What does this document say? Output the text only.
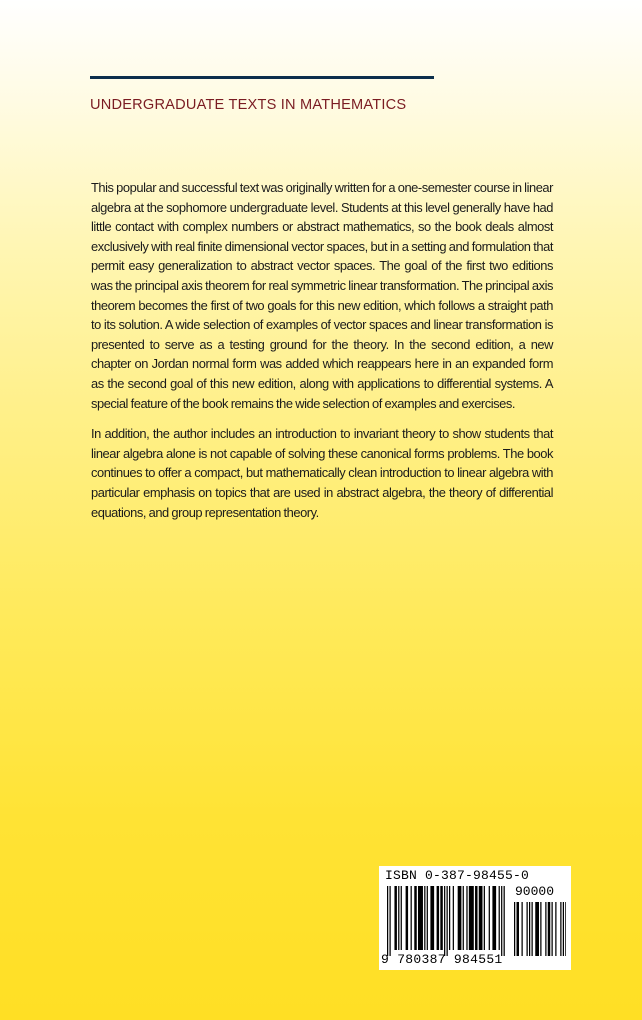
UNDERGRADUATE TEXTS IN MATHEMATICS

This popular and successful text was originally written for a one-semester course in linear algebra at the sophomore undergraduate level. Students at this level generally have had little contact with complex numbers or abstract mathematics, so the book deals almost exclusively with real finite dimensional vector spaces, but in a setting and formulation that permit easy generalization to abstract vector spaces. The goal of the first two editions was the principal axis theorem for real symmetric linear transformation. The principal axis theorem becomes the first of two goals for this new edition, which follows a straight path to its solution. A wide selection of examples of vector spaces and linear transformation is presented to serve as a testing ground for the theory. In the second edition, a new chapter on Jordan normal form was added which reappears here in an expanded form as the second goal of this new edition, along with applications to differential systems. A special feature of the book remains the wide selection of examples and exercises.

In addition, the author includes an introduction to invariant theory to show students that linear algebra alone is not capable of solving these canonical forms problems. The book continues to offer a compact, but mathematically clean introduction to linear algebra with particular emphasis on topics that are used in abstract algebra, the theory of differential equations, and group representation theory.

ISBN 0-387-98455-0
90000
9 780387 984551
